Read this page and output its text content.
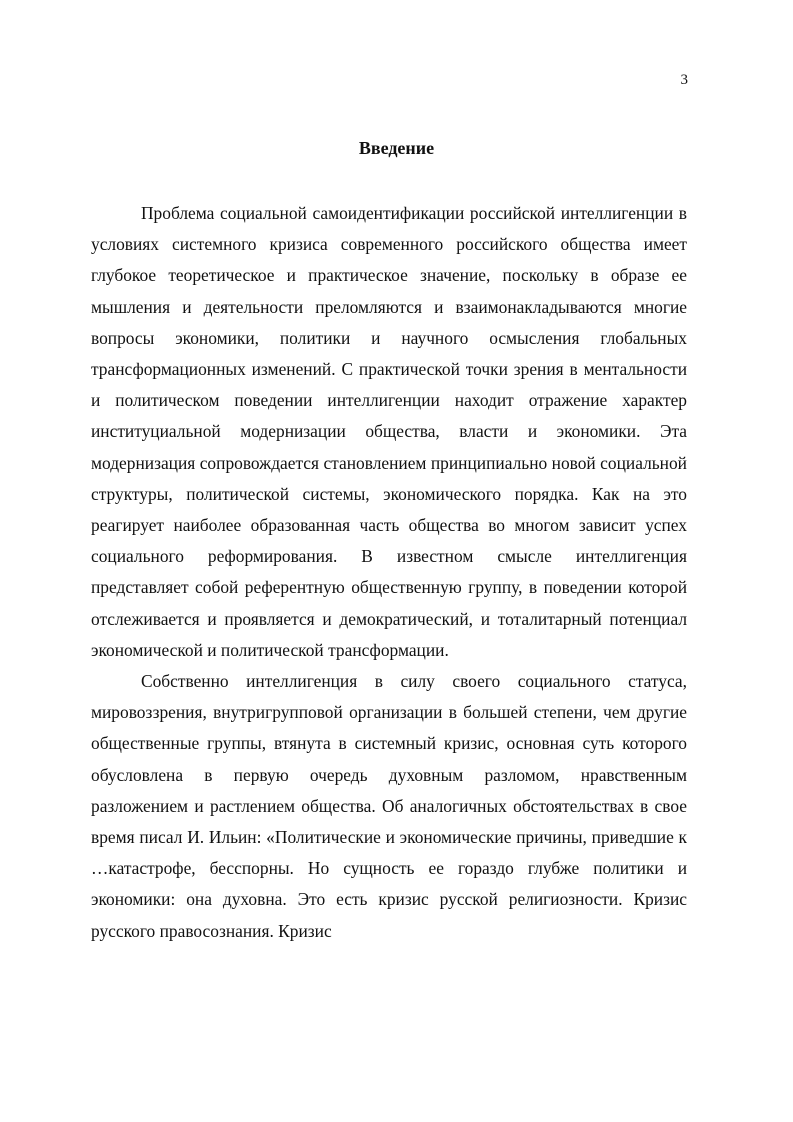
3
Введение

Проблема социальной самоидентификации российской интеллигенции в условиях системного кризиса современного российского общества имеет глубокое теоретическое и практическое значение, поскольку в образе ее мышления и деятельности преломляются и взаимонакладываются многие вопросы экономики, политики и научного осмысления глобальных трансформационных изменений. С практической точки зрения в ментальности и политическом поведении интеллигенции находит отражение характер институциальной модернизации общества, власти и экономики. Эта модернизация сопровождается становлением принципиально новой социальной структуры, политической системы, экономического порядка. Как на это реагирует наиболее образованная часть общества во многом зависит успех социального реформирования. В известном смысле интеллигенция представляет собой референтную общественную группу, в поведении которой отслеживается и проявляется и демократический, и тоталитарный потенциал экономической и политической трансформации.

Собственно интеллигенция в силу своего социального статуса, мировоззрения, внутригрупповой организации в большей степени, чем другие общественные группы, втянута в системный кризис, основная суть которого обусловлена в первую очередь духовным разломом, нравственным разложением и растлением общества. Об аналогичных обстоятельствах в свое время писал И. Ильин: «Политические и экономические причины, приведшие к …катастрофе, бесспорны. Но сущность ее гораздо глубже политики и экономики: она духовна. Это есть кризис русской религиозности. Кризис русского правосознания. Кризис
